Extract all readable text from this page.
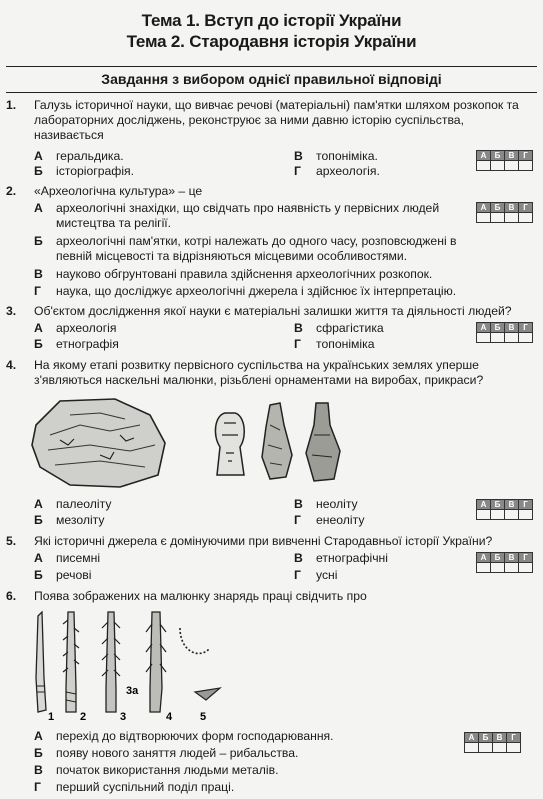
Тема 1. Вступ до історії України
Тема 2. Стародавня історія України
Завдання з вибором однієї правильної відповіді
1.	Галузь історичної науки, що вивчає речові (матеріальні) пам'ятки шляхом розкопок та лабораторних досліджень, реконструює за ними давню історію суспільства, називається
А геральдика.
Б історіографія.
В топоніміка.
Г археологія.
А	Б	В	Г

2.	«Археологічна культура» – це
А	археологічні знахідки, що свідчать про наявність у первісних людей мистецтва та релігії.
Б	археологічні пам'ятки, котрі належать до одного часу, розповсюджені в певній місцевості та відрізняються місцевими особливостями.
В науково обгрунтовані правила здійснення археологічних розкопок.
Г наука, що досліджує археологічні джерела і здійснює їх інтерпретацію.
А	Б	В	Г

3.	Об'єктом дослідження якої науки є матеріальні залишки життя та діяльності людей?
А археологія
Б етнографія
В сфрагістика
Г топоніміка
А	Б	В	Г

4.	На якому етапі розвитку первісного суспільства на українських землях уперше з'являються наскельні малюнки, різьблені орнаментами на виробах, прикраси?
А палеоліту
Б мезоліту
В неоліту
Г енеоліту
А	Б	В	Г

5.	Які історичні джерела є домінуючими при вивченні Стародавньої історії України?
А писемні
Б речові
В етнографічні
Г усні
А	Б	В	Г

6.	Поява зображених на малюнку знарядь праці свідчить про
1 2	3
3а
4	5
А перехід до відтворюючих форм господарювання.
Б появу нового заняття людей – рибальства.
В початок використання людьми металів.
Г перший суспільний поділ праці.
А	Б	В	Г
